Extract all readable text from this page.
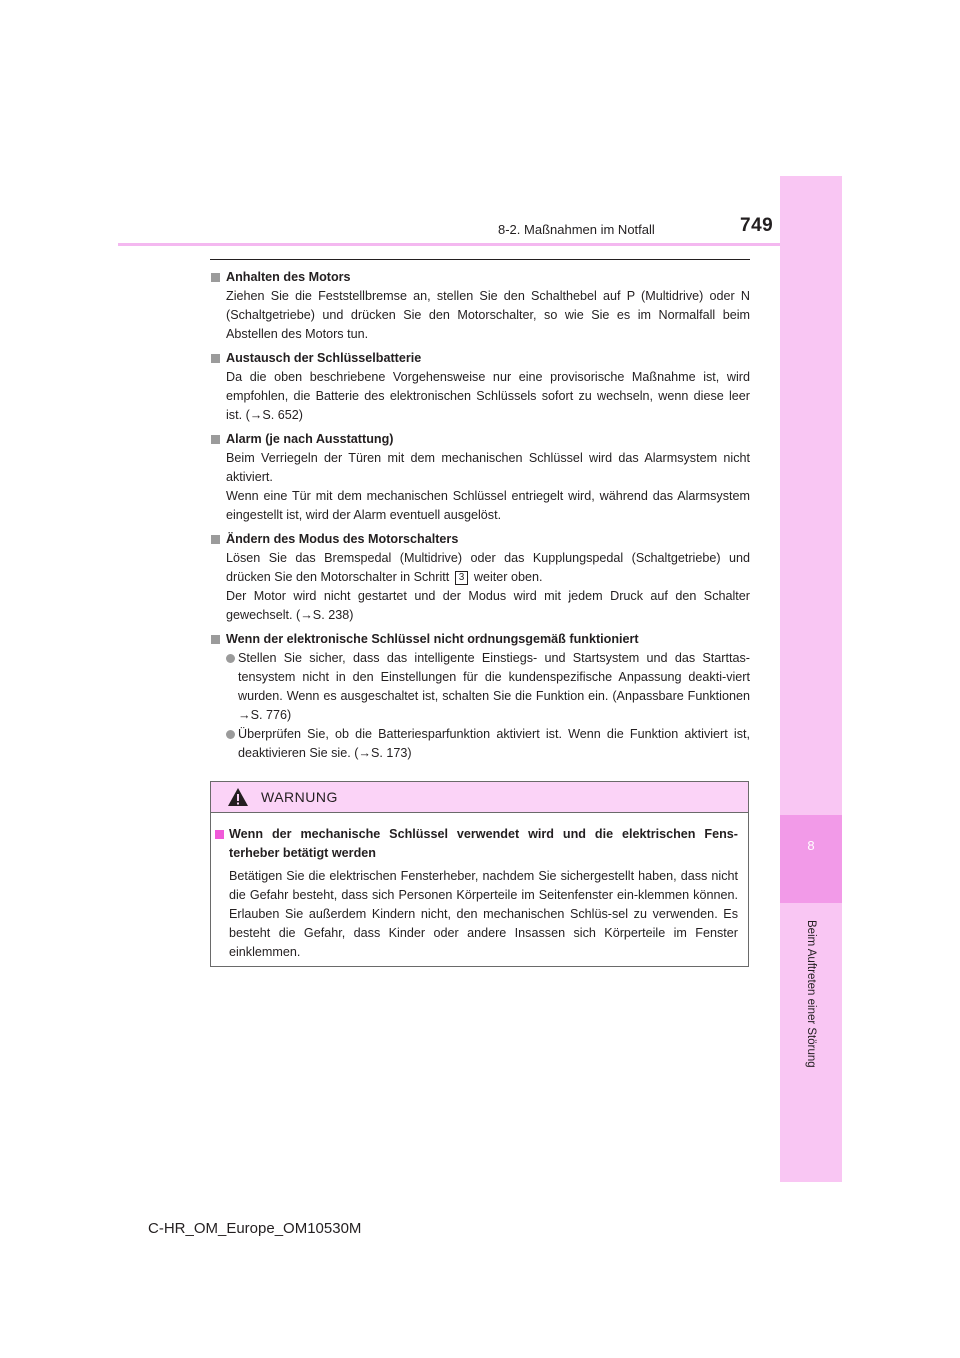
8-2. Maßnahmen im Notfall	749
8
Beim Auftreten einer Störung
Anhalten des Motors
Ziehen Sie die Feststellbremse an, stellen Sie den Schalthebel auf P (Multidrive) oder N (Schaltgetriebe) und drücken Sie den Motorschalter, so wie Sie es im Normalfall beim Abstellen des Motors tun.
Austausch der Schlüsselbatterie
Da die oben beschriebene Vorgehensweise nur eine provisorische Maßnahme ist, wird empfohlen, die Batterie des elektronischen Schlüssels sofort zu wechseln, wenn diese leer ist. (→S. 652)
Alarm (je nach Ausstattung)
Beim Verriegeln der Türen mit dem mechanischen Schlüssel wird das Alarmsystem nicht aktiviert.
Wenn eine Tür mit dem mechanischen Schlüssel entriegelt wird, während das Alarmsystem eingestellt ist, wird der Alarm eventuell ausgelöst.
Ändern des Modus des Motorschalters
Lösen Sie das Bremspedal (Multidrive) oder das Kupplungspedal (Schaltgetriebe) und drücken Sie den Motorschalter in Schritt 3 weiter oben.
Der Motor wird nicht gestartet und der Modus wird mit jedem Druck auf den Schalter gewechselt. (→S. 238)
Wenn der elektronische Schlüssel nicht ordnungsgemäß funktioniert
Stellen Sie sicher, dass das intelligente Einstiegs- und Startsystem und das Starttas-tensystem nicht in den Einstellungen für die kundenspezifische Anpassung deakti-viert wurden. Wenn es ausgeschaltet ist, schalten Sie die Funktion ein. (Anpassbare Funktionen →S. 776)
Überprüfen Sie, ob die Batteriesparfunktion aktiviert ist. Wenn die Funktion aktiviert ist, deaktivieren Sie sie. (→S. 173)
WARNUNG
Wenn der mechanische Schlüssel verwendet wird und die elektrischen Fens-terheber betätigt werden
Betätigen Sie die elektrischen Fensterheber, nachdem Sie sichergestellt haben, dass nicht die Gefahr besteht, dass sich Personen Körperteile im Seitenfenster ein-klemmen können. Erlauben Sie außerdem Kindern nicht, den mechanischen Schlüs-sel zu verwenden. Es besteht die Gefahr, dass Kinder oder andere Insassen sich Körperteile im Fenster einklemmen.
C-HR_OM_Europe_OM10530M
